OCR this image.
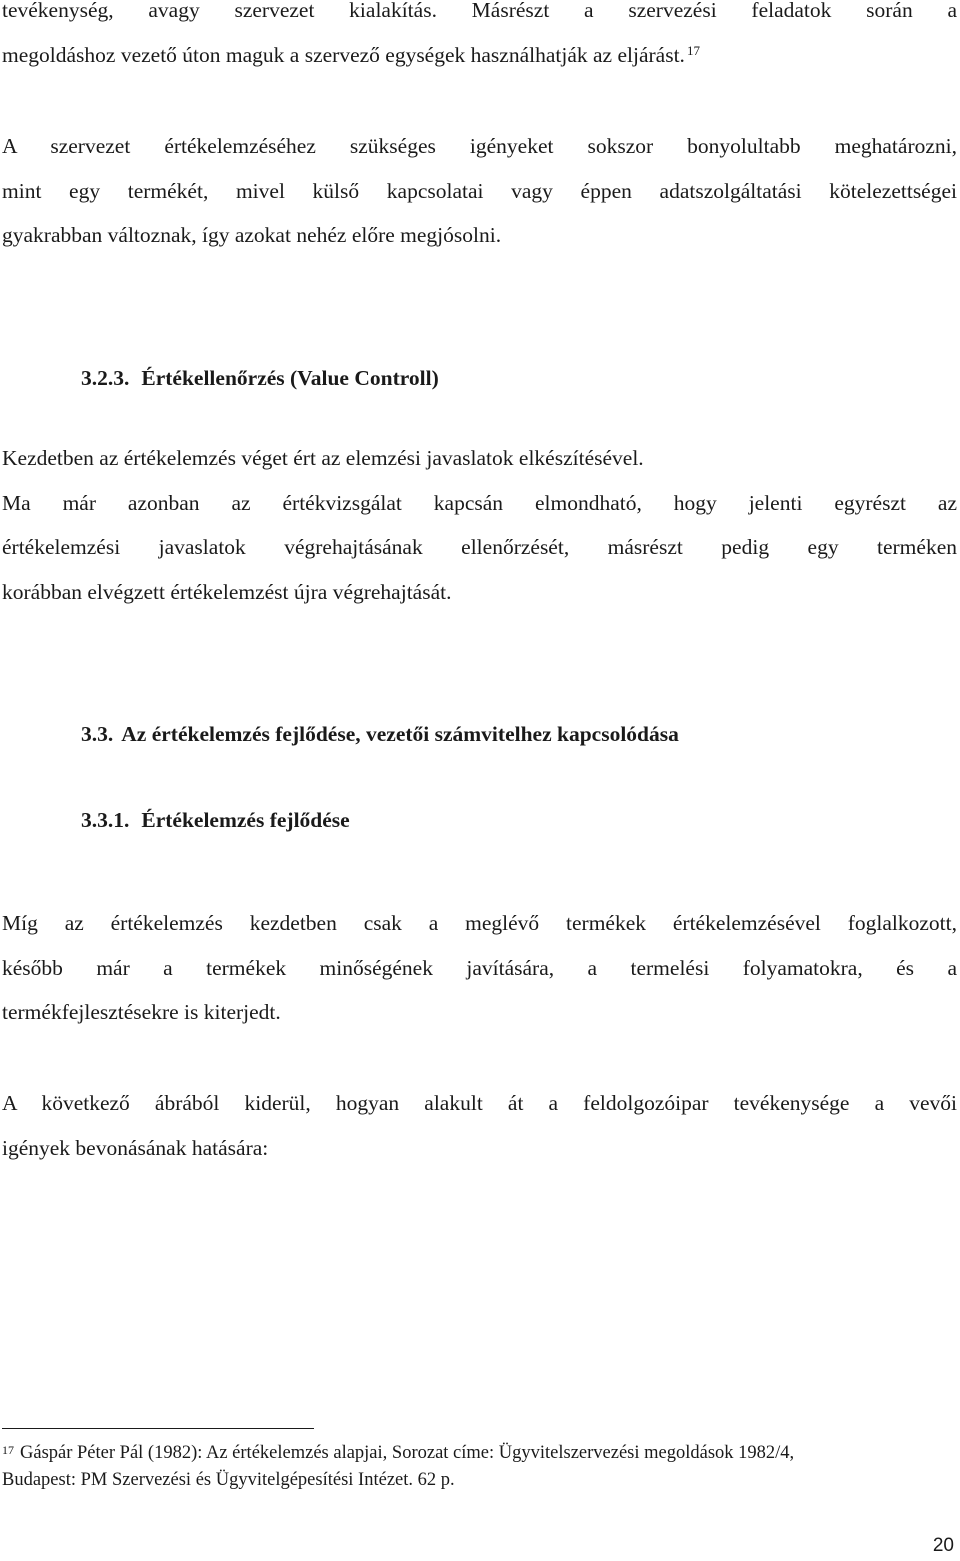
tevékenység, avagy szervezet kialakítás. Másrészt a szervezési feladatok során a
megoldáshoz vezető úton maguk a szervező egységek használhatják az eljárást. $^{17}$
A szervezet értékelemzéséhez szükséges igényeket sokszor bonyolultabb meghatározni,
mint egy termékét, mivel külső kapcsolatai vagy éppen adatszolgáltatási kötelezettségei
gyakrabban változnak, így azokat nehéz előre megjósolni.
3.2.3. Értékellenőrzés (Value Controll)
Kezdetben az értékelemzés véget ért az elemzési javaslatok elkészítésével.
Ma már azonban az értékvizsgálat kapcsán elmondható, hogy jelenti egyrészt az
értékelemzési javaslatok végrehajtásának ellenőrzését, másrészt pedig egy terméken
korábban elvégzett értékelemzést újra végrehajtását.
3.3. Az értékelemzés fejlődése, vezetői számvitelhez kapcsolódása
3.3.1. Értékelemzés fejlődése
Míg az értékelemzés kezdetben csak a meglévő termékek értékelemzésével foglalkozott,
később már a termékek minőségének javítására, a termelési folyamatokra, és a
termékfejlesztésekre is kiterjedt.
A következő ábrából kiderül, hogyan alakult át a feldolgozóipar tevékenysége a vevői
igények bevonásának hatására:
$^{17}$ Gáspár Péter Pál (1982): Az értékelemzés alapjai, Sorozat címe: Ügyvitelszervezési megoldások 1982/4,
Budapest: PM Szervezési és Ügyvitelgépesítési Intézet. 62 p.
20
